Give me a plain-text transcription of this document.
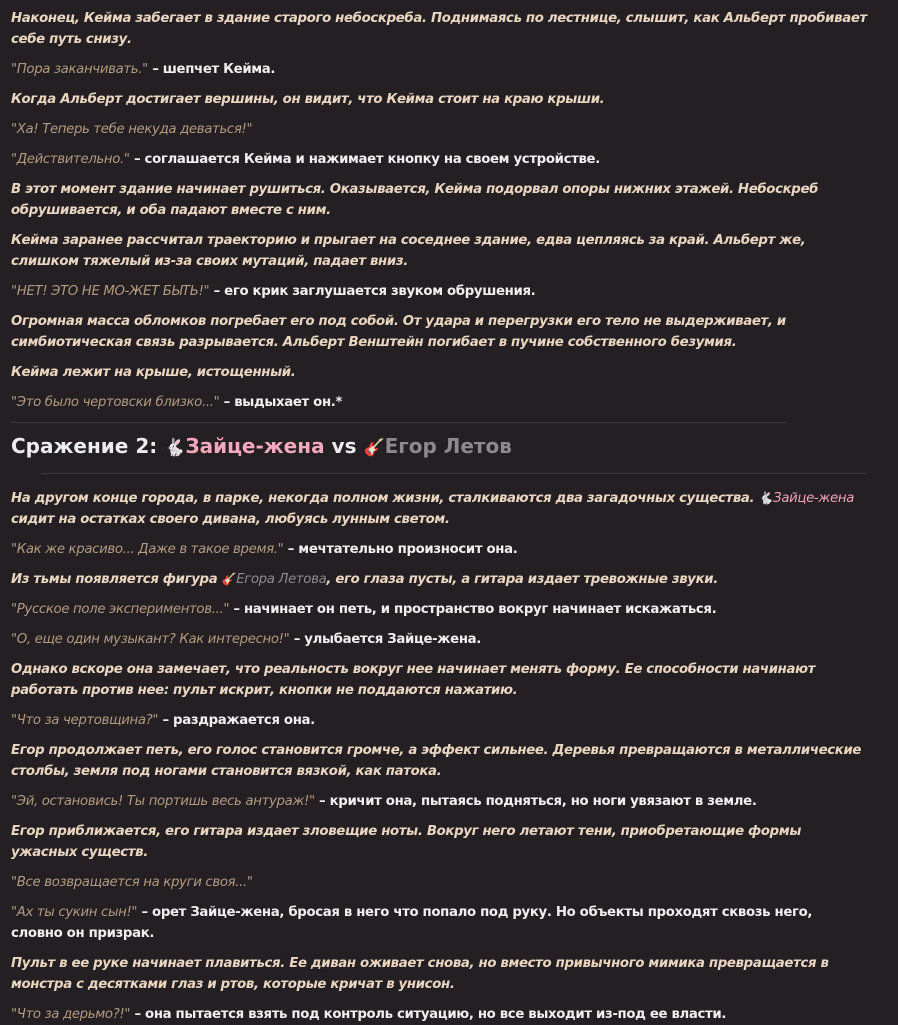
Наконец, Кейма забегает в здание старого небоскреба. Поднимаясь по лестнице, слышит, как Альберт пробивает себе путь снизу.

"Пора заканчивать." – шепчет Кейма.

Когда Альберт достигает вершины, он видит, что Кейма стоит на краю крыши.

"Ха! Теперь тебе некуда деваться!"

"Действительно." – соглашается Кейма и нажимает кнопку на своем устройстве.

В этот момент здание начинает рушиться. Оказывается, Кейма подорвал опоры нижних этажей. Небоскреб обрушивается, и оба падают вместе с ним.

Кейма заранее рассчитал траекторию и прыгает на соседнее здание, едва цепляясь за край. Альберт же, слишком тяжелый из-за своих мутаций, падает вниз.

"НЕТ! ЭТО НЕ МО-ЖЕТ БЫТЬ!" – его крик заглушается звуком обрушения.

Огромная масса обломков погребает его под собой. От удара и перегрузки его тело не выдерживает, и симбиотическая связь разрывается. Альберт Венштейн погибает в пучине собственного безумия.

Кейма лежит на крыше, истощенный.

"Это было чертовски близко..." – выдыхает он.*

Сражение 2: 🐇Зайце-жена vs 🎸Егор Летов

На другом конце города, в парке, некогда полном жизни, сталкиваются два загадочных существа. 🐇Зайце-жена сидит на остатках своего дивана, любуясь лунным светом.

"Как же красиво... Даже в такое время." – мечтательно произносит она.

Из тьмы появляется фигура 🎸Егора Летова, его глаза пусты, а гитара издает тревожные звуки.

"Русское поле экспериментов..." – начинает он петь, и пространство вокруг начинает искажаться.

"О, еще один музыкант? Как интересно!" – улыбается Зайце-жена.

Однако вскоре она замечает, что реальность вокруг нее начинает менять форму. Ее способности начинают работать против нее: пульт искрит, кнопки не поддаются нажатию.

"Что за чертовщина?" – раздражается она.

Егор продолжает петь, его голос становится громче, а эффект сильнее. Деревья превращаются в металлические столбы, земля под ногами становится вязкой, как патока.

"Эй, остановись! Ты портишь весь антураж!" – кричит она, пытаясь подняться, но ноги увязают в земле.

Егор приближается, его гитара издает зловещие ноты. Вокруг него летают тени, приобретающие формы ужасных существ.

"Все возвращается на круги своя..."

"Ах ты сукин сын!" – орет Зайце-жена, бросая в него что попало под руку. Но объекты проходят сквозь него, словно он призрак.

Пульт в ее руке начинает плавиться. Ее диван оживает снова, но вместо привычного мимика превращается в монстра с десятками глаз и ртов, которые кричат в унисон.

"Что за дерьмо?!" – она пытается взять под контроль ситуацию, но все выходит из-под ее власти.
